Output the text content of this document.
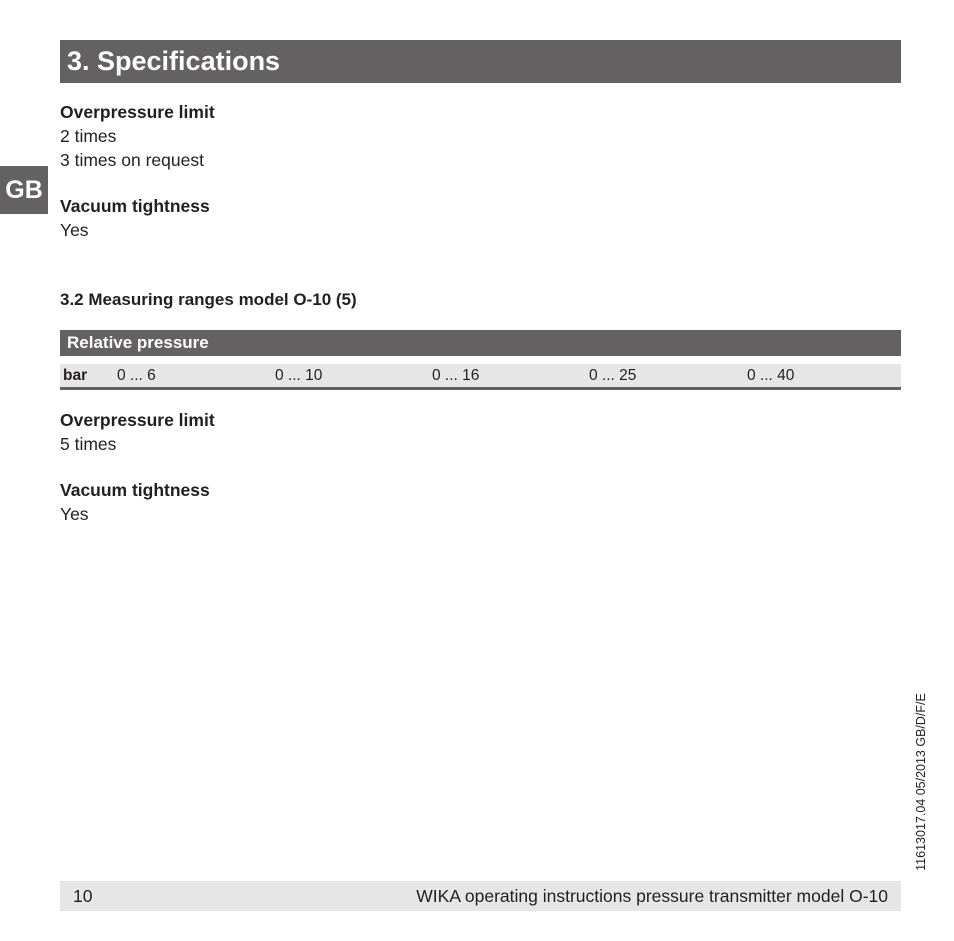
3. Specifications
GB
Overpressure limit
2 times
3 times on request
Vacuum tightness
Yes
3.2 Measuring ranges model O-10 (5)
Relative pressure
bar 0 ... 6	0 ... 10	0 ... 16	0 ... 25	0 ... 40
Overpressure limit
5 times
Vacuum tightness
Yes
11613017.04 05/2013 GB/D/F/E
10	WIKA operating instructions pressure transmitter model O-10
